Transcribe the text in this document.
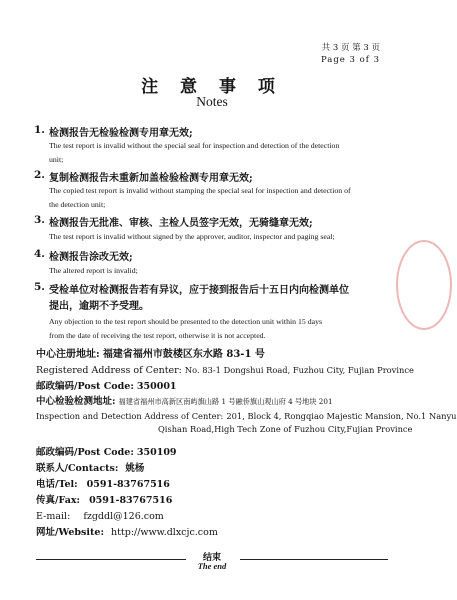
共 3 页 第 3 页
Page 3 of 3
注 意 事 项
Notes
1. 检测报告无检验检测专用章无效;
The test report is invalid without the special seal for inspection and detection of the detection
unit;
2. 复制检测报告未重新加盖检验检测专用章无效;
The copied test report is invalid without stamping the special seal for inspection and detection of
the detection unit;
3. 检测报告无批准、审核、主检人员签字无效，无骑缝章无效;
The test report is invalid without signed by the approver, auditor, inspector and paging seal;
4. 检测报告涂改无效;
The altered report is invalid;
5. 受检单位对检测报告若有异议，应于接到报告后十五日内向检测单位
提出，逾期不予受理。
Any objection to the test report should be presented to the detection unit within 15 days
from the date of receiving the test report, otherwise it is not accepted.
中心注册地址: 福建省福州市鼓楼区东水路 83-1 号
Registered Address of Center: No. 83-1 Dongshui Road, Fuzhou City, Fujian Province
邮政编码/Post Code: 350001
中心检验检测地址: 福建省福州市高新区南屿旗山路 1 号融侨旗山观山府 4 号地块 201
Inspection and Detection Address of Center: 201, Block 4, Rongqiao Majestic Mansion, No.1 Nanyu
Qishan Road,High Tech Zone of Fuzhou City,Fujian Province
邮政编码/Post Code: 350109
联系人/Contacts: 姚杨
电话/Tel: 0591-83767516
传真/Fax: 0591-83767516
E-mail: fzgddl@126.com
网址/Website: http://www.dlxcjc.com
结束
The end
